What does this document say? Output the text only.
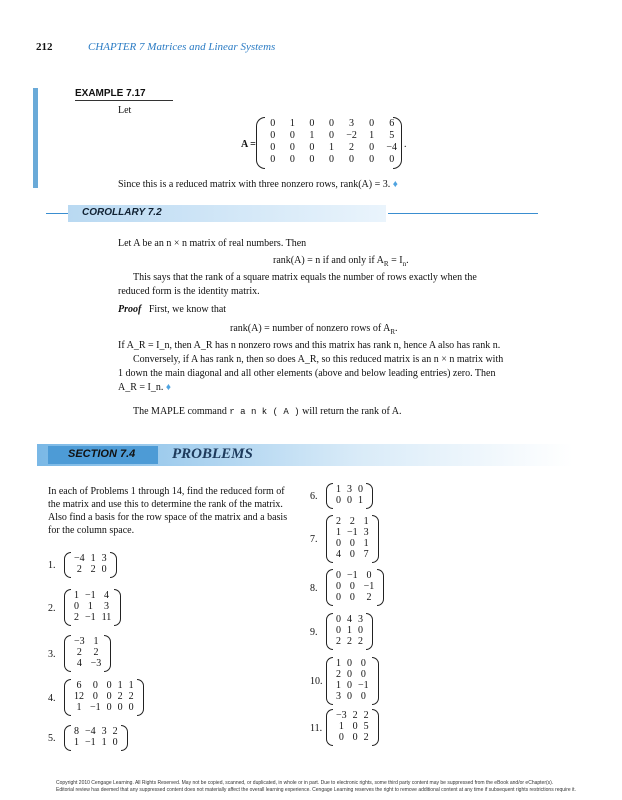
212	CHAPTER 7 Matrices and Linear Systems
EXAMPLE 7.17
Let
A =
0	1	0	0	3	0	6
0	0	1	0	−2	1	5
0	0	0	1	2	0	−4
0	0	0	0	0	0	0
.
Since this is a reduced matrix with three nonzero rows, rank(A) = 3. ♦
COROLLARY 7.2
Let A be an n × n matrix of real numbers. Then
rank(A) = n if and only if $A_R = I_n$.
This says that the rank of a square matrix equals the number of rows exactly when the
reduced form is the identity matrix.
Proof First, we know that
rank(A) = number of nonzero rows of $A_R$.
If A_R = I_n, then A_R has n nonzero rows and this matrix has rank n, hence A also has rank n.
Conversely, if A has rank n, then so does A_R, so this reduced matrix is an n × n matrix with
1 down the main diagonal and all other elements (above and below leading entries) zero. Then
A_R = I_n. ♦
The MAPLE command r a n k ( A ) will return the rank of A.
SECTION 7.4 PROBLEMS
In each of Problems 1 through 14, find the reduced form of
the matrix and use this to determine the rank of the matrix.
Also find a basis for the row space of the matrix and a basis
for the column space.
1.
−4	1	3
2	2	0
2.
1	−1	4
0	1	3
2	−1	11
3.
−3	1
2	2
4	−3
4.
6	0	0	1	1
12	0	0	2	2
1	−1	0	0	0
5.
8	−4	3	2
1	−1	1	0
6.
1	3	0
0	0	1
7.
2	2	1
1	−1	3
0	0	1
4	0	7
8.
0	−1	0
0	0	−1
0	0	2
9.
0	4	3
0	1	0
2	2	2
10.
1	0	0
2	0	0
1	0	−1
3	0	0
11.
−3	2	2
1	0	5
0	0	2
Copyright 2010 Cengage Learning. All Rights Reserved. May not be copied, scanned, or duplicated, in whole or in part. Due to electronic rights, some third party content may be suppressed from the eBook and/or eChapter(s).
Editorial review has deemed that any suppressed content does not materially affect the overall learning experience. Cengage Learning reserves the right to remove additional content at any time if subsequent rights restrictions require it.
